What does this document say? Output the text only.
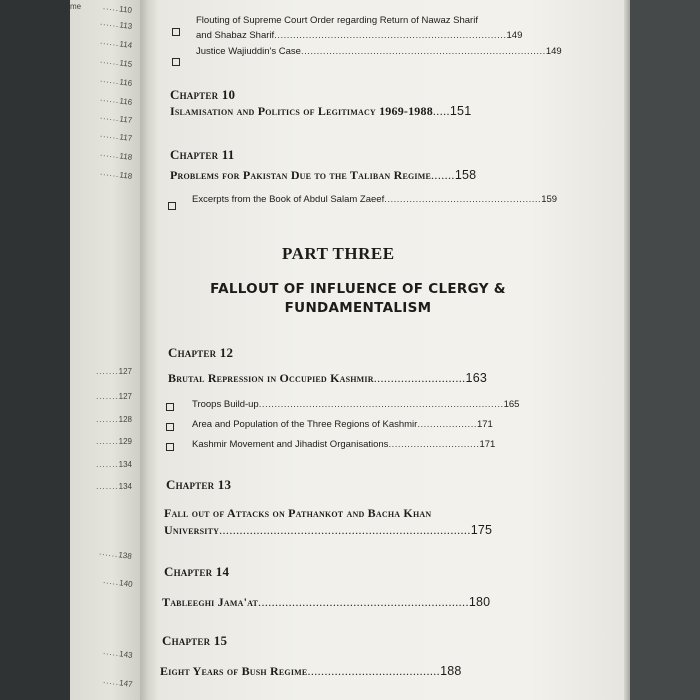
me	.....110
......113
......114
......115
......116
......116
......117
......117
......118
......118
.......127
.......127
.......128
.......129
.......134
.......134
......138
.....140
.....143
.....147
Flouting of Supreme Court Order regarding Return of Nawaz Sharif
and Shabaz Sharif..........................................................................149
Justice Wajiuddin's Case..............................................................................149
Chapter 10
Islamisation and Politics of Legitimacy 1969-1988.....151
Chapter 11
Problems for Pakistan Due to the Taliban Regime.......158
Excerpts from the Book of Abdul Salam Zaeef..................................................159
PART THREE
FALLOUT OF INFLUENCE OF CLERGY &
FUNDAMENTALISM
Chapter 12
Brutal Repression in Occupied Kashmir...........................163
Troops Build-up..............................................................................165
Area and Population of the Three Regions of Kashmir...................171
Kashmir Movement and Jihadist Organisations.............................171
Chapter 13
Fall out of Attacks on Pathankot and Bacha Khan
University..........................................................................175
Chapter 14
Tableeghi Jama'at..............................................................180
Chapter 15
Eight Years of Bush Regime.......................................188
